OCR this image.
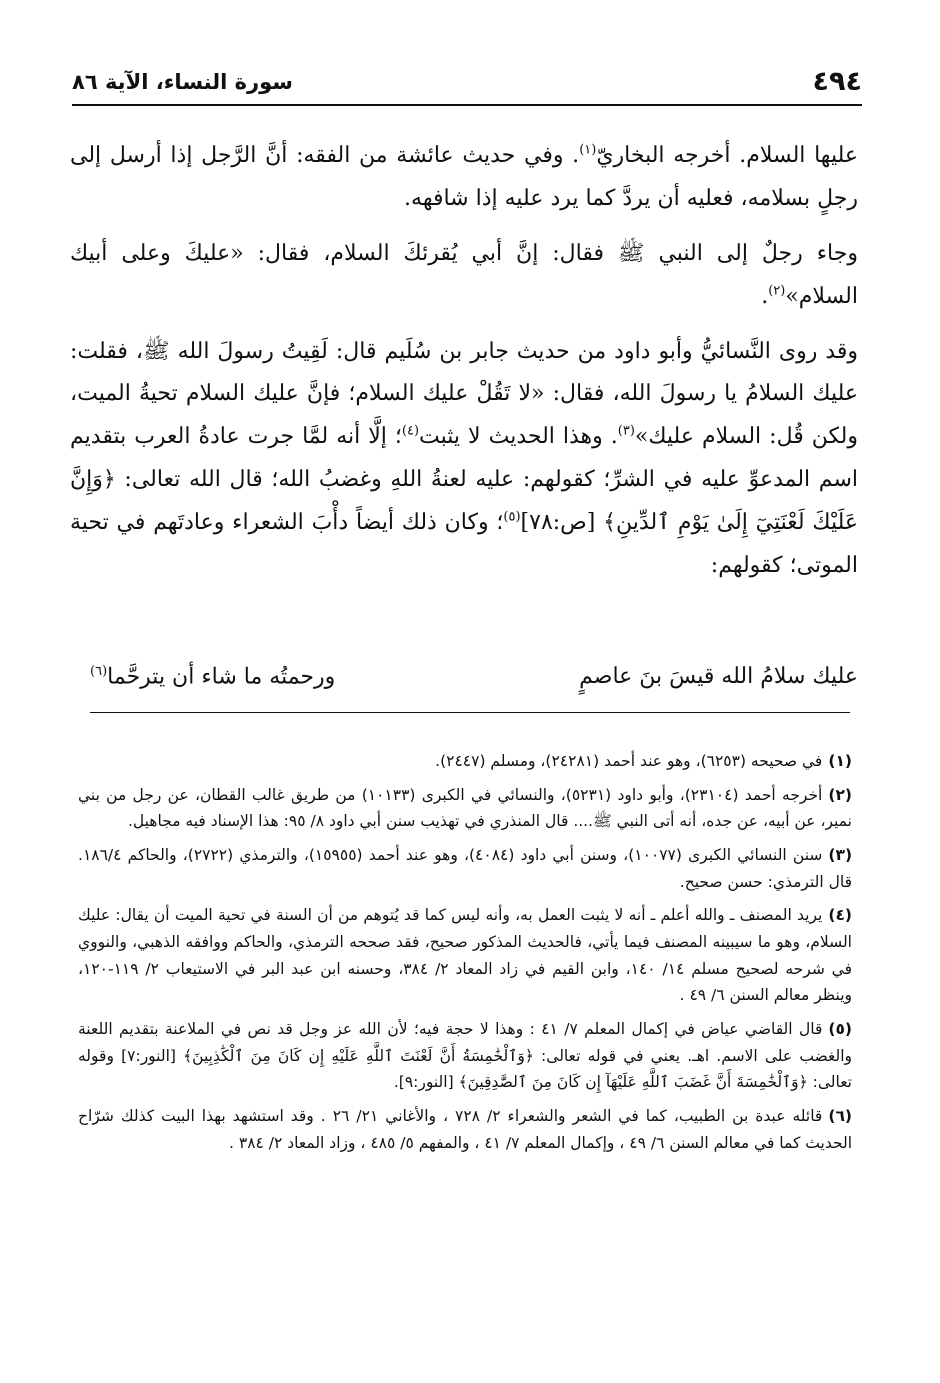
٤٩٤
سورة النساء، الآية ٨٦

عليها السلام. أخرجه البخاريّ$^{(١)}$. وفي حديث عائشة من الفقه: أنَّ الرَّجل إذا أرسل إلى رجلٍ بسلامه، فعليه أن يردَّ كما يرد عليه إذا شافهه.

وجاء رجلٌ إلى النبي ﷺ فقال: إنَّ أبي يُقرئكَ السلام، فقال: «عليكَ وعلى أبيك السلام»$^{(٢)}$.

وقد روى النَّسائيُّ وأبو داود من حديث جابر بن سُلَيم قال: لَقِيتُ رسولَ الله ﷺ، فقلت: عليك السلامُ يا رسولَ الله، فقال: «لا تَقُلْ عليك السلام؛ فإنَّ عليك السلام تحيةُ الميت، ولكن قُل: السلام عليك»$^{(٣)}$. وهذا الحديث لا يثبت$^{(٤)}$؛ إلَّا أنه لمَّا جرت عادةُ العرب بتقديم اسم المدعوِّ عليه في الشرِّ؛ كقولهم: عليه لعنةُ اللهِ وغضبُ الله؛ قال الله تعالى: ﴿وَإِنَّ عَلَيْكَ لَعْنَتِيٓ إِلَىٰ يَوْمِ ٱلدِّينِ﴾ [ص:٧٨]$^{(٥)}$؛ وكان ذلك أيضاً دأْبَ الشعراء وعادتَهم في تحية الموتى؛ كقولهم:

عليك سلامُ الله قيسَ بنَ عاصمٍ
ورحمتُه ما شاء أن يترحَّما$^{(٦)}$

(١)في صحيحه (٦٢٥٣)، وهو عند أحمد (٢٤٢٨١)، ومسلم (٢٤٤٧).

(٢)أخرجه أحمد (٢٣١٠٤)، وأبو داود (٥٢٣١)، والنسائي في الكبرى (١٠١٣٣) من طريق غالب القطان، عن رجل من بني نمير، عن أبيه، عن جده، أنه أتى النبي ﷺ.... قال المنذري في تهذيب سنن أبي داود ٨/ ٩٥: هذا الإسناد فيه مجاهيل.

(٣)سنن النسائي الكبرى (١٠٠٧٧)، وسنن أبي داود (٤٠٨٤)، وهو عند أحمد (١٥٩٥٥)، والترمذي (٢٧٢٢)، والحاكم ١٨٦/٤. قال الترمذي: حسن صحيح.

(٤)يريد المصنف ـ والله أعلم ـ أنه لا يثبت العمل به، وأنه ليس كما قد يُتوهم من أن السنة في تحية الميت أن يقال: عليك السلام، وهو ما سيبينه المصنف فيما يأتي، فالحديث المذكور صحيح، فقد صححه الترمذي، والحاكم ووافقه الذهبي، والنووي في شرحه لصحيح مسلم ١٤/ ١٤٠، وابن القيم في زاد المعاد ٢/ ٣٨٤، وحسنه ابن عبد البر في الاستيعاب ٢/ ١١٩-١٢٠، وينظر معالم السنن ٦/ ٤٩ .

(٥)قال القاضي عياض في إكمال المعلم ٧/ ٤١ : وهذا لا حجة فيه؛ لأن الله عز وجل قد نص في الملاعنة بتقديم اللعنة والغضب على الاسم. اهـ. يعني في قوله تعالى: ﴿وَٱلْخَٰمِسَةُ أَنَّ لَعْنَتَ ٱللَّهِ عَلَيْهِ إِن كَانَ مِنَ ٱلْكَٰذِبِينَ﴾ [النور:٧] وقوله تعالى: ﴿وَٱلْخَٰمِسَةَ أَنَّ غَضَبَ ٱللَّهِ عَلَيْهَآ إِن كَانَ مِنَ ٱلصَّٰدِقِينَ﴾ [النور:٩].

(٦)قائله عبدة بن الطبيب، كما في الشعر والشعراء ٢/ ٧٢٨ ، والأغاني ٢١/ ٢٦ . وقد استشهد بهذا البيت كذلك شرّاح الحديث كما في معالم السنن ٦/ ٤٩ ، وإكمال المعلم ٧/ ٤١ ، والمفهم ٥/ ٤٨٥ ، وزاد المعاد ٢/ ٣٨٤ .
